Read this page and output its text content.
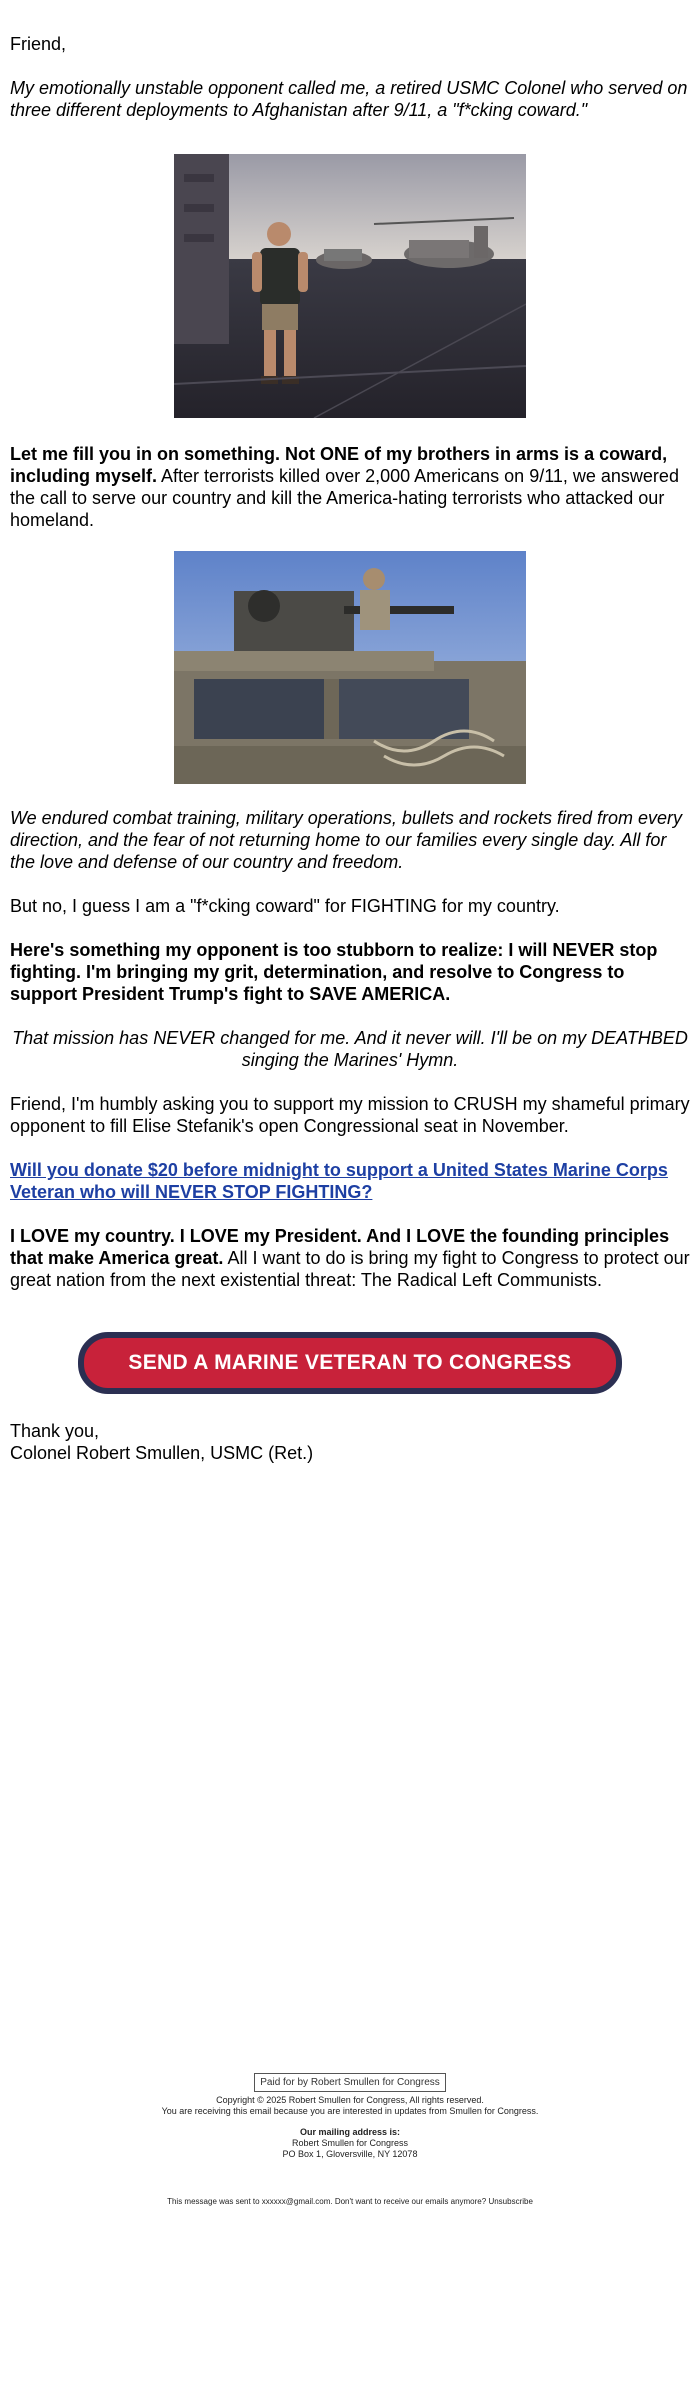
Friend,

My emotionally unstable opponent called me, a retired USMC Colonel who served on three different deployments to Afghanistan after 9/11, a "f*cking coward."

Let me fill you in on something. Not ONE of my brothers in arms is a coward, including myself. After terrorists killed over 2,000 Americans on 9/11, we answered the call to serve our country and kill the America-hating terrorists who attacked our homeland.

We endured combat training, military operations, bullets and rockets fired from every direction, and the fear of not returning home to our families every single day. All for the love and defense of our country and freedom.

But no, I guess I am a "f*cking coward" for FIGHTING for my country.

Here's something my opponent is too stubborn to realize: I will NEVER stop fighting. I'm bringing my grit, determination, and resolve to Congress to support President Trump's fight to SAVE AMERICA.

That mission has NEVER changed for me. And it never will. I'll be on my DEATHBED singing the Marines' Hymn.

Friend, I'm humbly asking you to support my mission to CRUSH my shameful primary opponent to fill Elise Stefanik's open Congressional seat in November.

Will you donate $20 before midnight to support a United States Marine Corps Veteran who will NEVER STOP FIGHTING?

I LOVE my country. I LOVE my President. And I LOVE the founding principles that make America great. All I want to do is bring my fight to Congress to protect our great nation from the next existential threat: The Radical Left Communists.

SEND A MARINE VETERAN TO CONGRESS

Thank you,

Colonel Robert Smullen, USMC (Ret.)

Paid for by Robert Smullen for Congress
Copyright © 2025 Robert Smullen for Congress, All rights reserved.
You are receiving this email because you are interested in updates from Smullen for Congress.
Our mailing address is:
Robert Smullen for Congress
PO Box 1, Gloversville, NY 12078
This message was sent to xxxxxx@gmail.com. Don't want to receive our emails anymore? Unsubscribe
